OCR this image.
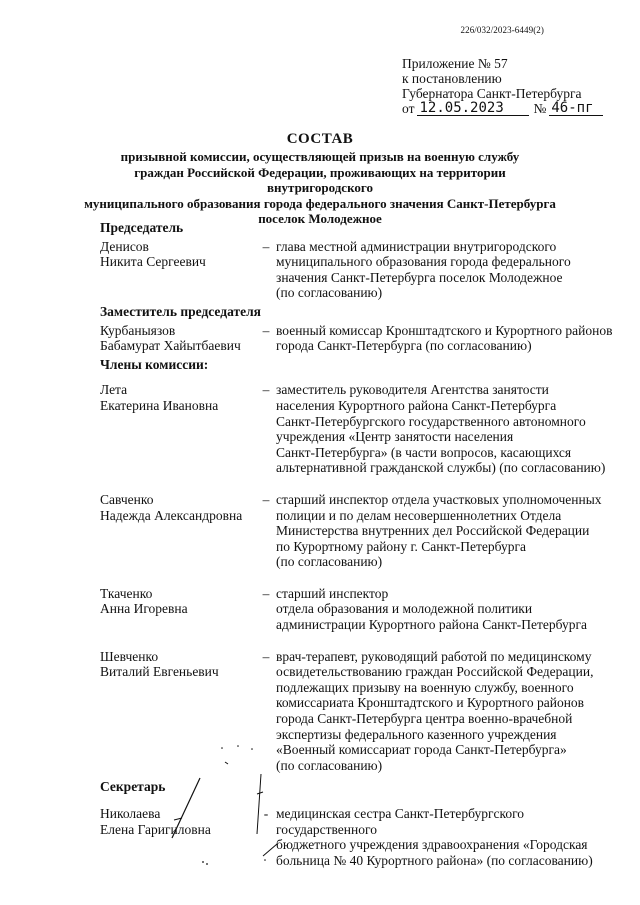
226/032/2023-6449(2)
Приложение № 57
к постановлению
Губернатора Санкт-Петербурга
от 12.05.2023	№ 46-пг
СОСТАВ
призывной комиссии, осуществляющей призыв на военную службу
граждан Российской Федерации, проживающих на территории внутригородского
муниципального образования города федерального значения Санкт-Петербурга
поселок Молодежное
Председатель
Денисов
Никита Сергеевич
– глава местной администрации внутригородского
муниципального образования города федерального
значения Санкт-Петербурга поселок Молодежное
(по согласованию)
Заместитель председателя
Курбаныязов
Бабамурат Хайытбаевич
– военный комиссар Кронштадтского и Курортного районов
города Санкт-Петербурга (по согласованию)
Члены комиссии:
Лета
Екатерина Ивановна
– заместитель руководителя Агентства занятости
населения Курортного района Санкт-Петербурга
Санкт-Петербургского государственного автономного
учреждения «Центр занятости населения
Санкт-Петербурга» (в части вопросов, касающихся
альтернативной гражданской службы) (по согласованию)
Савченко
Надежда Александровна
– старший инспектор отдела участковых уполномоченных
полиции и по делам несовершеннолетних Отдела
Министерства внутренних дел Российской Федерации
по Курортному району г. Санкт-Петербурга
(по согласованию)
Ткаченко
Анна Игоревна
– старший инспектор
отдела образования и молодежной политики
администрации Курортного района Санкт-Петербурга
Шевченко
Виталий Евгеньевич
– врач-терапевт, руководящий работой по медицинскому
освидетельствованию граждан Российской Федерации,
подлежащих призыву на военную службу, военного
комиссариата Кронштадтского и Курортного районов
города Санкт-Петербурга центра военно-врачебной
экспертизы федерального казенного учреждения
«Военный комиссариат города Санкт-Петербурга»
(по согласованию)
Секретарь
Николаева
Елена Гаригиловна
- медицинская сестра Санкт-Петербургского государственного
бюджетного учреждения здравоохранения «Городская
больница № 40 Курортного района» (по согласованию)
